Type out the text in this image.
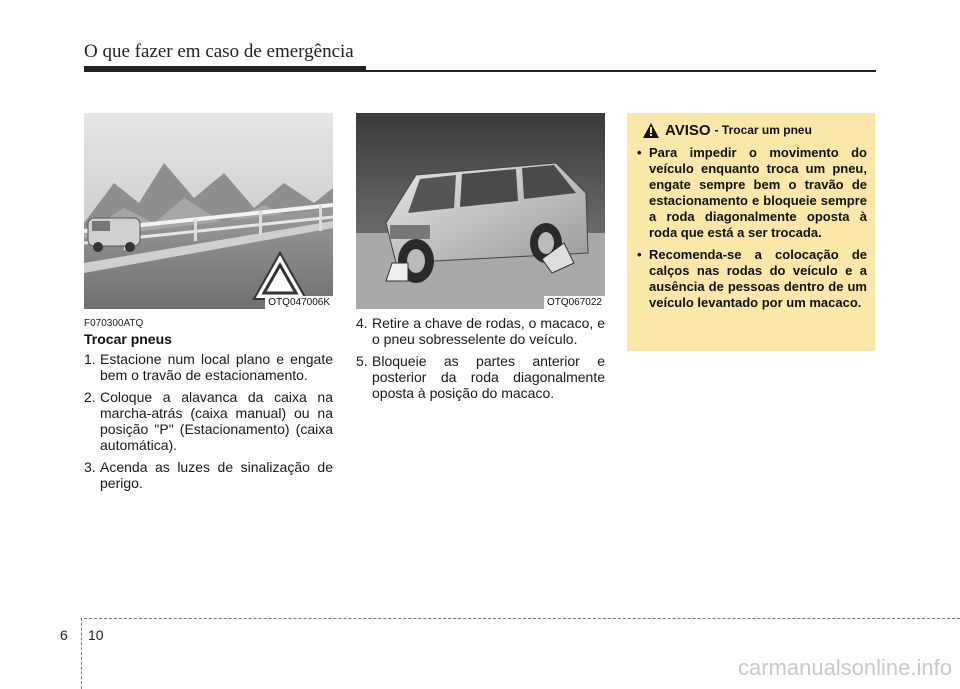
O que fazer em caso de emergência
OTQ047006K	OTQ067022
F070300ATQ
Trocar pneus
1. Estacione num local plano e engate bem o travão de estacionamento.
2. Coloque a alavanca da caixa na marcha-atrás (caixa manual) ou na posição "P" (Estacionamento) (caixa automática).
3. Acenda as luzes de sinalização de perigo.
4. Retire a chave de rodas, o macaco, e o pneu sobresselente do veículo.
5. Bloqueie as partes anterior e posterior da roda diagonalmente oposta à posição do macaco.
AVISO - Trocar um pneu
• Para impedir o movimento do veículo enquanto troca um pneu, engate sempre bem o travão de estacionamento e bloqueie sempre a roda diagonalmente oposta à roda que está a ser trocada.
• Recomenda-se a colocação de calços nas rodas do veículo e a ausência de pessoas dentro de um veículo levantado por um macaco.
6 10
carmanualsonline.info
